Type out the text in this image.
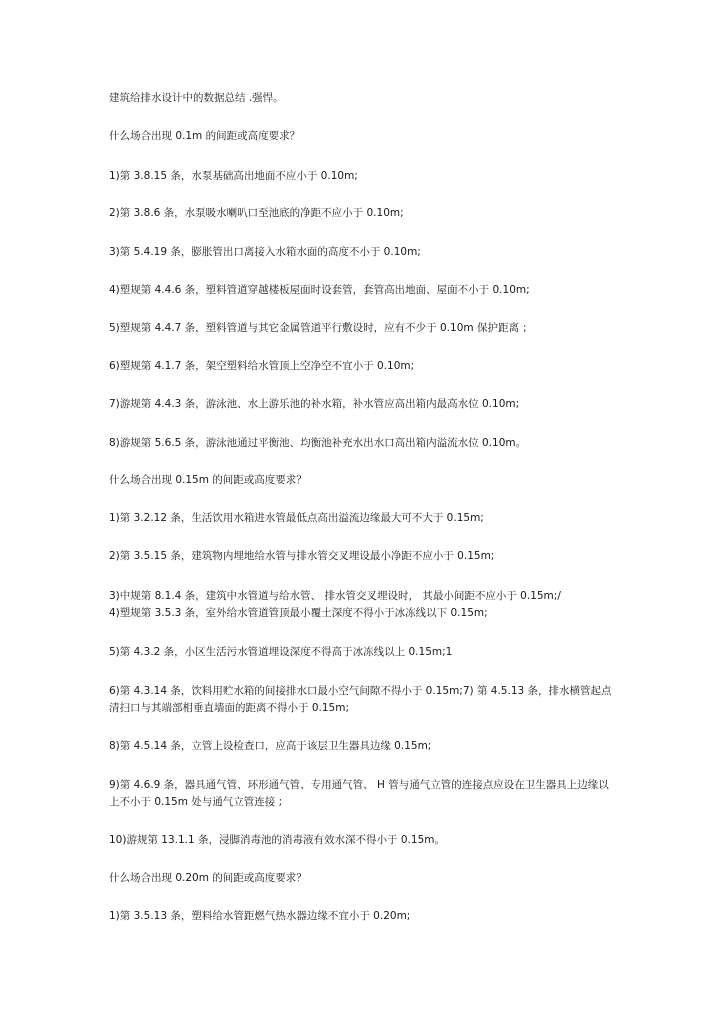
建筑给排水设计中的数据总结 .强悍。
什么场合出现 0.1m 的间距或高度要求？
1)第 3.8.15 条，水泵基础高出地面不应小于 0.10m;
2)第 3.8.6 条，水泵吸水喇叭口至池底的净距不应小于 0.10m;
3)第 5.4.19 条，膨胀管出口离接入水箱水面的高度不小于 0.10m;
4)塑规第 4.4.6 条，塑料管道穿越楼板屋面时设套管，套管高出地面、屋面不小于 0.10m;
5)塑规第 4.4.7 条，塑料管道与其它金属管道平行敷设时，应有不少于 0.10m 保护距离 ；
6)塑规第 4.1.7 条，架空塑料给水管顶上空净空不宜小于 0.10m;
7)游规第 4.4.3 条，游泳池、水上游乐池的补水箱，补水管应高出箱内最高水位 0.10m;
8)游规第 5.6.5 条，游泳池通过平衡池、均衡池补充水出水口高出箱内溢流水位 0.10m。
什么场合出现 0.15m 的间距或高度要求？
1)第 3.2.12 条，生活饮用水箱进水管最低点高出溢流边缘最大可不大于 0.15m;
2)第 3.5.15 条，建筑物内埋地给水管与排水管交叉埋设最小净距不应小于 0.15m;
3)中规第 8.1.4 条，建筑中水管道与给水管、 排水管交叉埋设时， 其最小间距不应小于 0.15m;/
4)塑规第 3.5.3 条，室外给水管道管顶最小覆土深度不得小于冰冻线以下 0.15m;
5)第 4.3.2 条，小区生活污水管道埋设深度不得高于冰冻线以上 0.15m;1
6)第 4.3.14 条，饮料用贮水箱的间接排水口最小空气间隙不得小于 0.15m;7) 第 4.5.13 条，排水横管起点清扫口与其端部相垂直墙面的距离不得小于 0.15m;
8)第 4.5.14 条，立管上设检查口，应高于该层卫生器具边缘 0.15m;
9)第 4.6.9 条，器具通气管、环形通气管、专用通气管、 H 管与通气立管的连接点应设在卫生器具上边缘以上不小于 0.15m 处与通气立管连接 ;
10)游规第 13.1.1 条，浸脚消毒池的消毒液有效水深不得小于 0.15m。
什么场合出现 0.20m 的间距或高度要求？
1)第 3.5.13 条，塑料给水管距燃气热水器边缘不宜小于 0.20m;
